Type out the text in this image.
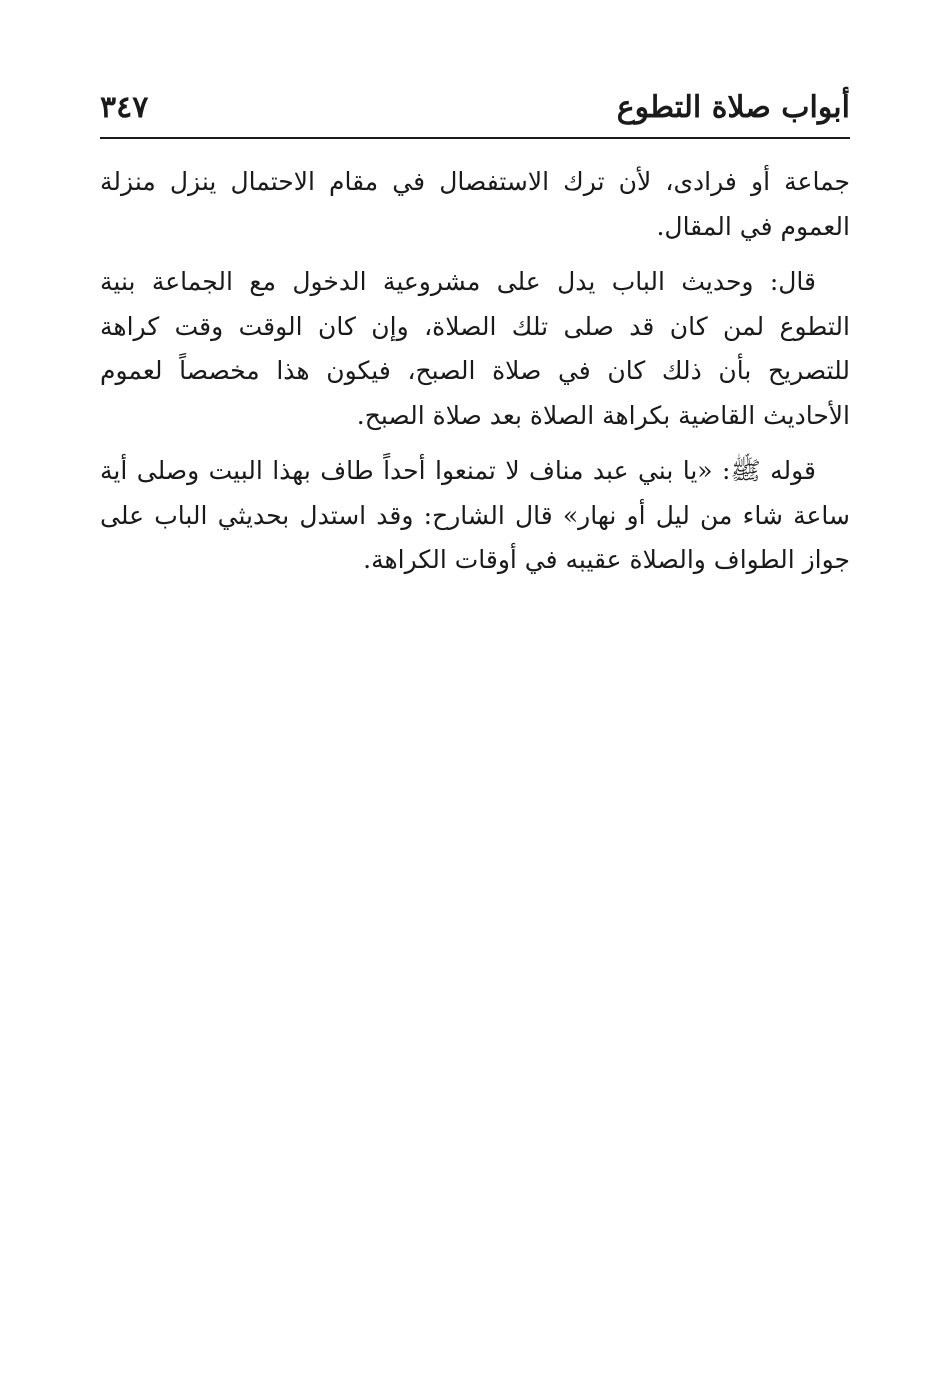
أبواب صلاة التطوع
٣٤٧

جماعة أو فرادى، لأن ترك الاستفصال في مقام الاحتمال ينزل منزلة العموم في المقال.

قال: وحديث الباب يدل على مشروعية الدخول مع الجماعة بنية التطوع لمن كان قد صلى تلك الصلاة، وإن كان الوقت وقت كراهة للتصريح بأن ذلك كان في صلاة الصبح، فيكون هذا مخصصاً لعموم الأحاديث القاضية بكراهة الصلاة بعد صلاة الصبح.

قوله ﷺ: «يا بني عبد مناف لا تمنعوا أحداً طاف بهذا البيت وصلى أية ساعة شاء من ليل أو نهار» قال الشارح: وقد استدل بحديثي الباب على جواز الطواف والصلاة عقيبه في أوقات الكراهة.
